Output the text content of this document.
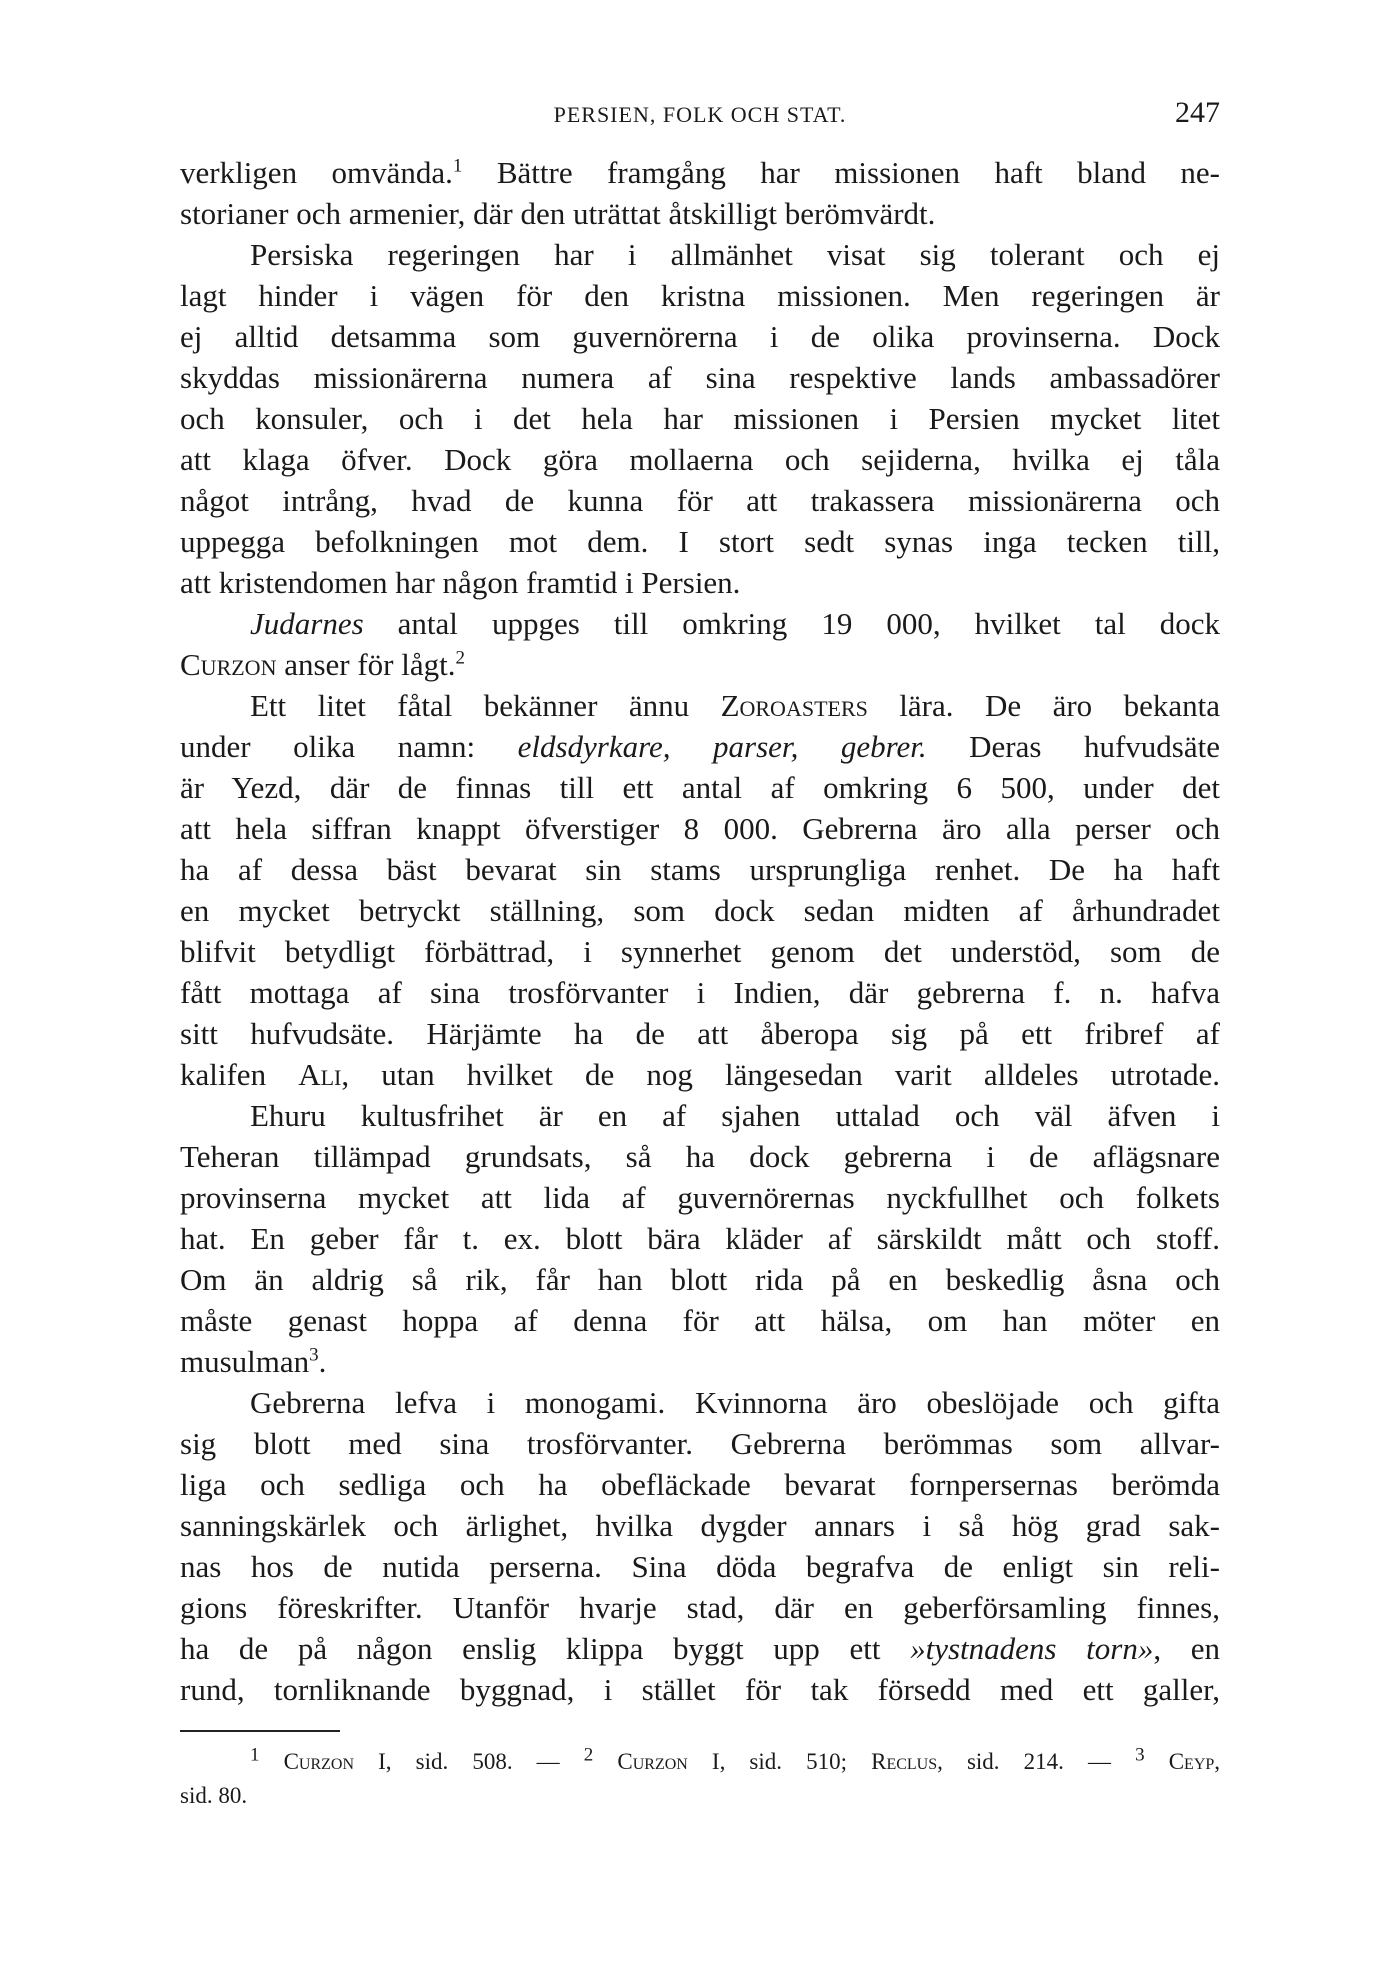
PERSIEN, FOLK OCH STAT.	247
verkligen omvända.$^1$ Bättre framgång har missionen haft bland ne-
storianer och armenier, där den uträttat åtskilligt berömvärdt.
Persiska regeringen har i allmänhet visat sig tolerant och ej
lagt hinder i vägen för den kristna missionen. Men regeringen är
ej alltid detsamma som guvernörerna i de olika provinserna. Dock
skyddas missionärerna numera af sina respektive lands ambassadörer
och konsuler, och i det hela har missionen i Persien mycket litet
att klaga öfver. Dock göra mollaerna och sejiderna, hvilka ej tåla
något intrång, hvad de kunna för att trakassera missionärerna och
uppegga befolkningen mot dem. I stort sedt synas inga tecken till,
att kristendomen har någon framtid i Persien.
Judarnes antal uppges till omkring 19 000, hvilket tal dock
Curzon anser för lågt.$^2$
Ett litet fåtal bekänner ännu Zoroasters lära. De äro bekanta
under olika namn: eldsdyrkare, parser, gebrer. Deras hufvudsäte
är Yezd, där de finnas till ett antal af omkring 6 500, under det
att hela siffran knappt öfverstiger 8 000. Gebrerna äro alla perser och
ha af dessa bäst bevarat sin stams ursprungliga renhet. De ha haft
en mycket betryckt ställning, som dock sedan midten af århundradet
blifvit betydligt förbättrad, i synnerhet genom det understöd, som de
fått mottaga af sina trosförvanter i Indien, där gebrerna f. n. hafva
sitt hufvudsäte. Härjämte ha de att åberopa sig på ett fribref af
kalifen Ali, utan hvilket de nog längesedan varit alldeles utrotade.
Ehuru kultusfrihet är en af sjahen uttalad och väl äfven i
Teheran tillämpad grundsats, så ha dock gebrerna i de aflägsnare
provinserna mycket att lida af guvernörernas nyckfullhet och folkets
hat. En geber får t. ex. blott bära kläder af särskildt mått och stoff.
Om än aldrig så rik, får han blott rida på en beskedlig åsna och
måste genast hoppa af denna för att hälsa, om han möter en
musulman$^3$.
Gebrerna lefva i monogami. Kvinnorna äro obeslöjade och gifta
sig blott med sina trosförvanter. Gebrerna berömmas som allvar-
liga och sedliga och ha obefläckade bevarat fornpersernas berömda
sanningskärlek och ärlighet, hvilka dygder annars i så hög grad sak-
nas hos de nutida perserna. Sina döda begrafva de enligt sin reli-
gions föreskrifter. Utanför hvarje stad, där en geberförsamling finnes,
ha de på någon enslig klippa byggt upp ett »tystnadens torn», en
rund, tornliknande byggnad, i stället för tak försedd med ett galler,
$^1$ Curzon I, sid. 508. — $^2$ Curzon I, sid. 510; Reclus, sid. 214. — $^3$ Ceyp,
sid. 80.
